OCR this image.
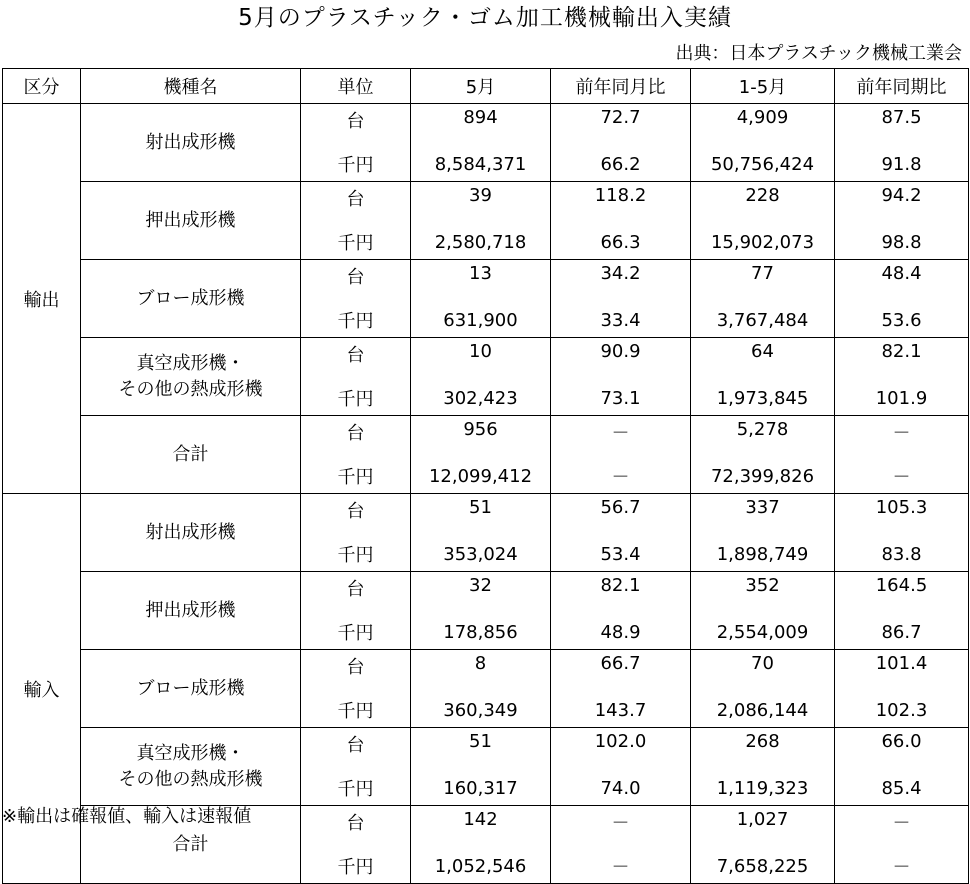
5月のプラスチック・ゴム加工機械輸出入実績
出典：日本プラスチック機械工業会
区分	機種名	単位	5月	前年同月比	1-5月	前年同期比
輸出	射出成形機	台	894	72.7	4,909	87.5
		千円	8,584,371	66.2	50,756,424	91.8

	押出成形機	台	39	118.2	228	94.2
		千円	2,580,718	66.3	15,902,073	98.8

	ブロー成形機	台	13	34.2	77	48.4
		千円	631,900	33.4	3,767,484	53.6

	真空成形機・
その他の熱成形機	台	10	90.9	64	82.1
		千円	302,423	73.1	1,973,845	101.9

	合計	台	956	－	5,278	－
		千円	12,099,412	－	72,399,826	－
輸入	射出成形機	台	51	56.7	337	105.3
		千円	353,024	53.4	1,898,749	83.8

	押出成形機	台	32	82.1	352	164.5
		千円	178,856	48.9	2,554,009	86.7

	ブロー成形機	台	8	66.7	70	101.4
		千円	360,349	143.7	2,086,144	102.3

	真空成形機・
その他の熱成形機	台	51	102.0	268	66.0
		千円	160,317	74.0	1,119,323	85.4

	合計	台	142	－	1,027	－
		千円	1,052,546	－	7,658,225	－
※輸出は確報値、輸入は速報値
